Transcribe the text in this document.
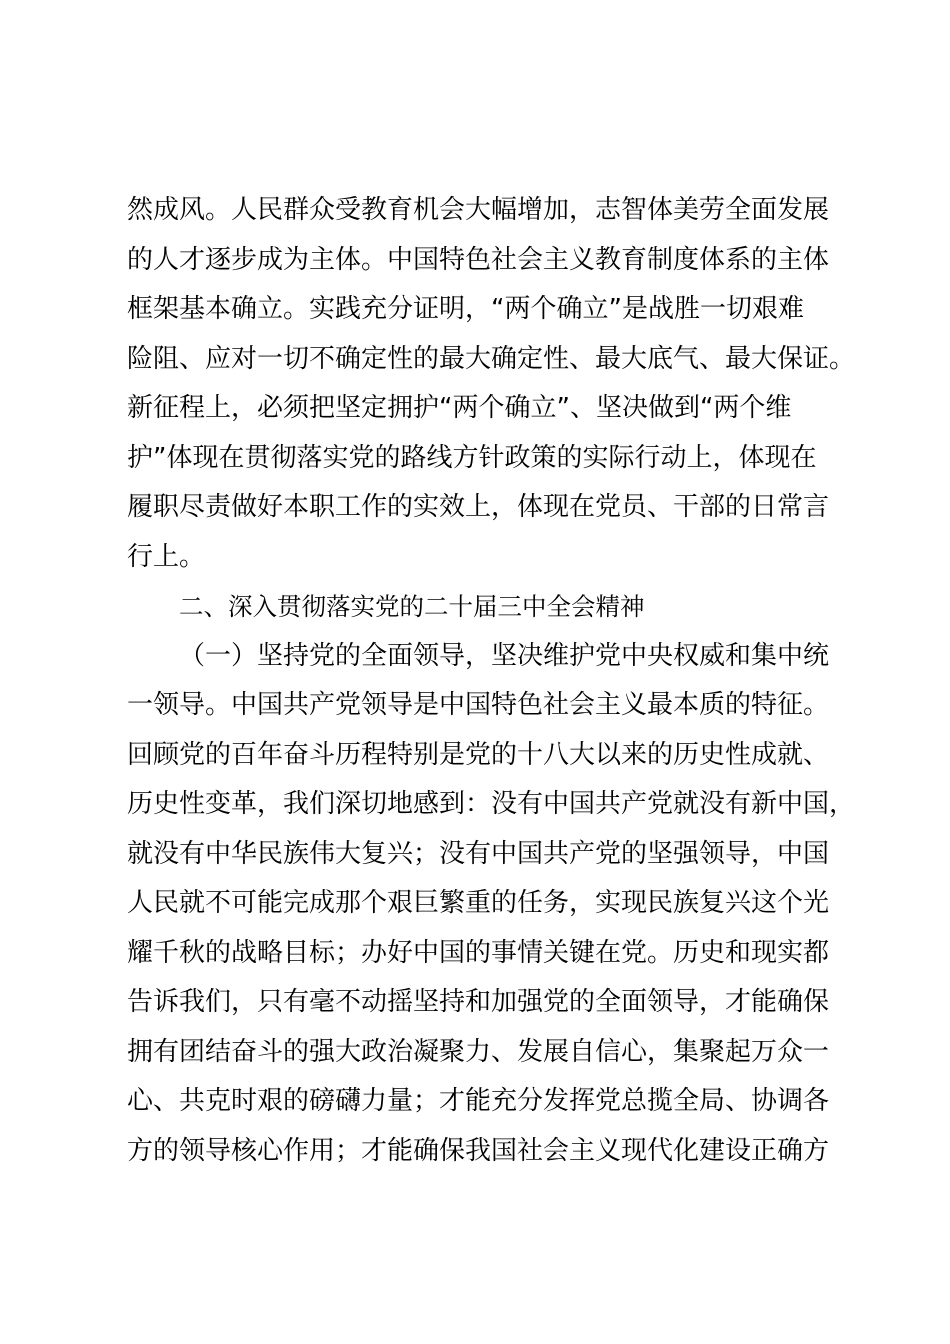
然成风。人民群众受教育机会大幅增加，志智体美劳全面发展
的人才逐步成为主体。中国特色社会主义教育制度体系的主体
框架基本确立。实践充分证明，“两个确立”是战胜一切艰难
险阻、应对一切不确定性的最大确定性、最大底气、最大保证。
新征程上，必须把坚定拥护“两个确立”、坚决做到“两个维
护”体现在贯彻落实党的路线方针政策的实际行动上，体现在
履职尽责做好本职工作的实效上，体现在党员、干部的日常言
行上。
二、深入贯彻落实党的二十届三中全会精神
（一）坚持党的全面领导，坚决维护党中央权威和集中统
一领导。中国共产党领导是中国特色社会主义最本质的特征。
回顾党的百年奋斗历程特别是党的十八大以来的历史性成就、
历史性变革，我们深切地感到：没有中国共产党就没有新中国，
就没有中华民族伟大复兴；没有中国共产党的坚强领导，中国
人民就不可能完成那个艰巨繁重的任务，实现民族复兴这个光
耀千秋的战略目标；办好中国的事情关键在党。历史和现实都
告诉我们，只有毫不动摇坚持和加强党的全面领导，才能确保
拥有团结奋斗的强大政治凝聚力、发展自信心，集聚起万众一
心、共克时艰的磅礴力量；才能充分发挥党总揽全局、协调各
方的领导核心作用；才能确保我国社会主义现代化建设正确方
